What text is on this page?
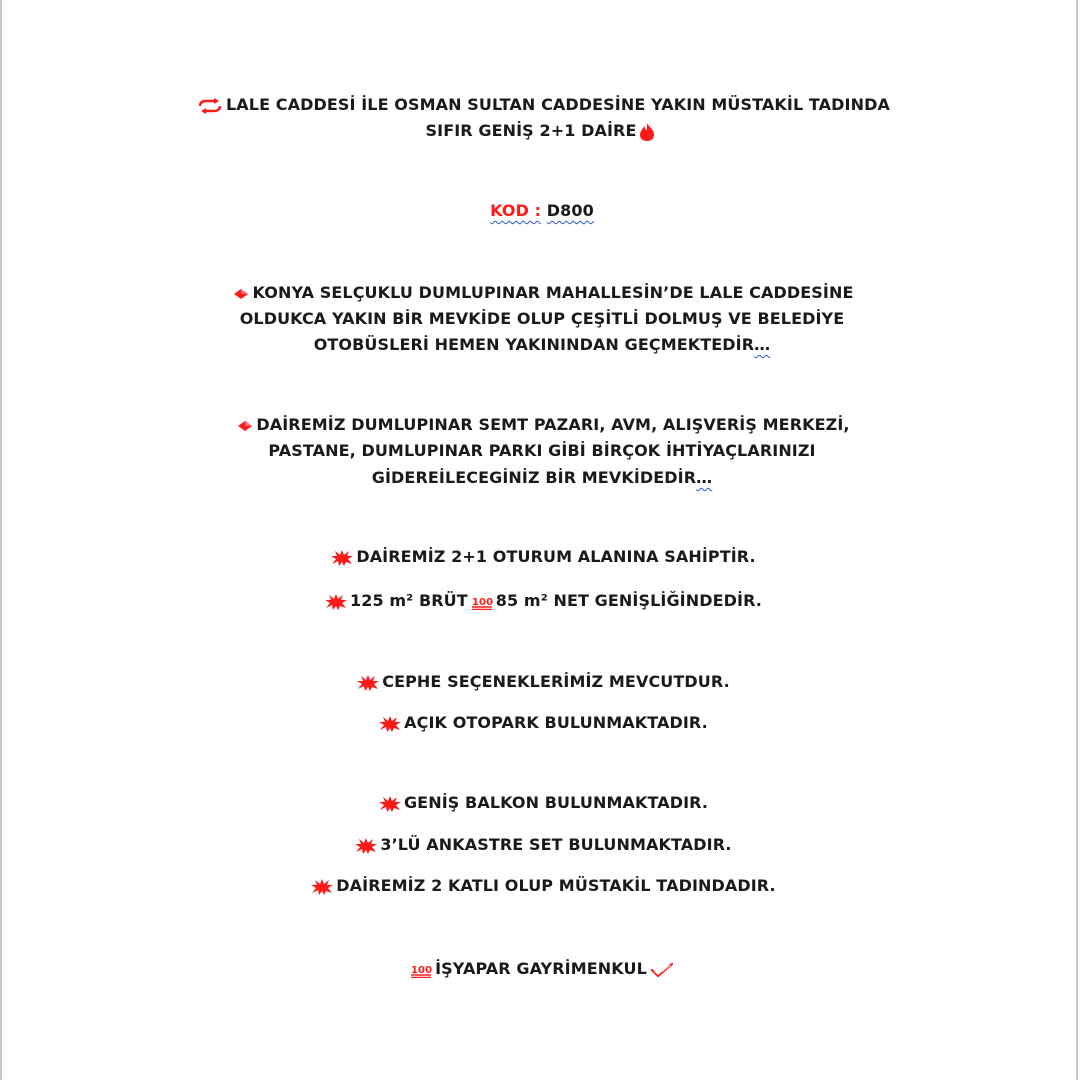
LALE CADDESİ İLE OSMAN SULTAN CADDESİNE YAKIN MÜSTAKİL TADINDA
SIFIR GENİŞ 2+1 DAİRE
KOD : D800
KONYA SELÇUKLU DUMLUPINAR MAHALLESİN’DE LALE CADDESİNE
OLDUKCA YAKIN BİR MEVKİDE OLUP ÇEŞİTLİ DOLMUŞ VE BELEDİYE
OTOBÜSLERİ HEMEN YAKININDAN GEÇMEKTEDİR…
DAİREMİZ DUMLUPINAR SEMT PAZARI, AVM, ALIŞVERİŞ MERKEZİ,
PASTANE, DUMLUPINAR PARKI GİBİ BİRÇOK İHTİYAÇLARINIZI
GİDEREİLECEGİNİZ BİR MEVKİDEDİR…
DAİREMİZ 2+1 OTURUM ALANINA SAHİPTİR.
125 m² BRÜT 100 85 m² NET GENİŞLİĞİNDEDİR.
CEPHE SEÇENEKLERİMİZ MEVCUTDUR.
AÇIK OTOPARK BULUNMAKTADIR.
GENİŞ BALKON BULUNMAKTADIR.
3’LÜ ANKASTRE SET BULUNMAKTADIR.
DAİREMİZ 2 KATLI OLUP MÜSTAKİL TADINDADIR.
100 İŞYAPAR GAYRİMENKUL
